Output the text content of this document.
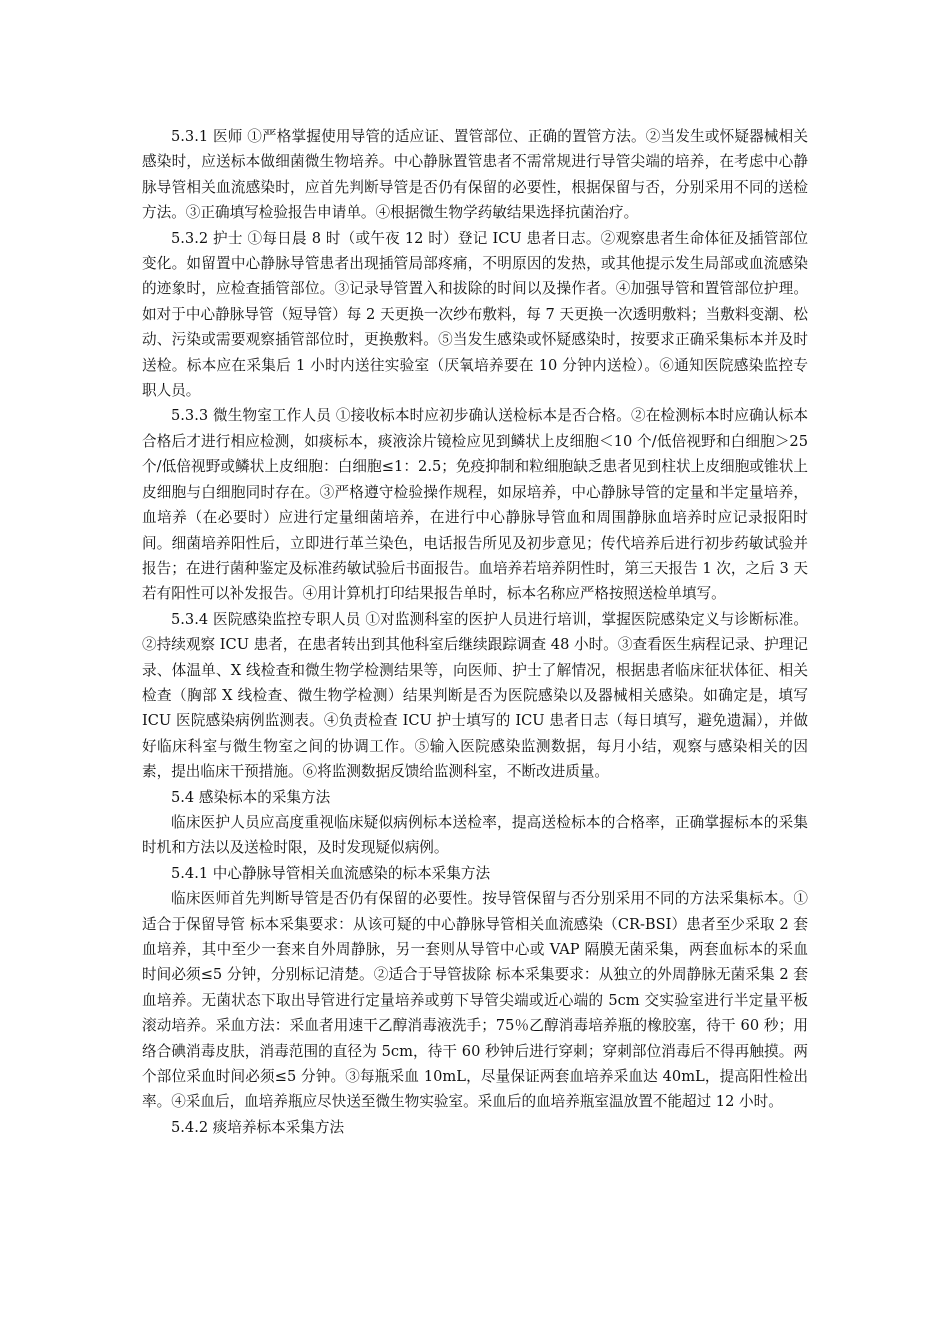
5.3.1 医师 ①严格掌握使用导管的适应证、置管部位、正确的置管方法。②当发生或怀疑器械相关感染时，应送标本做细菌微生物培养。中心静脉置管患者不需常规进行导管尖端的培养，在考虑中心静脉导管相关血流感染时，应首先判断导管是否仍有保留的必要性，根据保留与否，分别采用不同的送检方法。③正确填写检验报告申请单。④根据微生物学药敏结果选择抗菌治疗。

5.3.2 护士 ①每日晨 8 时（或午夜 12 时）登记 ICU 患者日志。②观察患者生命体征及插管部位变化。如留置中心静脉导管患者出现插管局部疼痛，不明原因的发热，或其他提示发生局部或血流感染的迹象时，应检查插管部位。③记录导管置入和拔除的时间以及操作者。④加强导管和置管部位护理。如对于中心静脉导管（短导管）每 2 天更换一次纱布敷料，每 7 天更换一次透明敷料；当敷料变潮、松动、污染或需要观察插管部位时，更换敷料。⑤当发生感染或怀疑感染时，按要求正确采集标本并及时送检。标本应在采集后 1 小时内送往实验室（厌氧培养要在 10 分钟内送检）。⑥通知医院感染监控专职人员。

5.3.3 微生物室工作人员 ①接收标本时应初步确认送检标本是否合格。②在检测标本时应确认标本合格后才进行相应检测，如痰标本，痰液涂片镜检应见到鳞状上皮细胞＜10 个/低倍视野和白细胞＞25 个/低倍视野或鳞状上皮细胞：白细胞≤1：2.5；免疫抑制和粒细胞缺乏患者见到柱状上皮细胞或锥状上皮细胞与白细胞同时存在。③严格遵守检验操作规程，如尿培养，中心静脉导管的定量和半定量培养，血培养（在必要时）应进行定量细菌培养，在进行中心静脉导管血和周围静脉血培养时应记录报阳时间。细菌培养阳性后，立即进行革兰染色，电话报告所见及初步意见；传代培养后进行初步药敏试验并报告；在进行菌种鉴定及标准药敏试验后书面报告。血培养若培养阴性时，第三天报告 1 次，之后 3 天若有阳性可以补发报告。④用计算机打印结果报告单时，标本名称应严格按照送检单填写。

5.3.4 医院感染监控专职人员 ①对监测科室的医护人员进行培训，掌握医院感染定义与诊断标准。②持续观察 ICU 患者，在患者转出到其他科室后继续跟踪调查 48 小时。③查看医生病程记录、护理记录、体温单、X 线检查和微生物学检测结果等，向医师、护士了解情况，根据患者临床征状体征、相关检查（胸部 X 线检查、微生物学检测）结果判断是否为医院感染以及器械相关感染。如确定是，填写 ICU 医院感染病例监测表。④负责检查 ICU 护士填写的 ICU 患者日志（每日填写，避免遗漏），并做好临床科室与微生物室之间的协调工作。⑤输入医院感染监测数据，每月小结，观察与感染相关的因素，提出临床干预措施。⑥将监测数据反馈给监测科室，不断改进质量。

5.4 感染标本的采集方法

临床医护人员应高度重视临床疑似病例标本送检率，提高送检标本的合格率，正确掌握标本的采集时机和方法以及送检时限，及时发现疑似病例。

5.4.1 中心静脉导管相关血流感染的标本采集方法

临床医师首先判断导管是否仍有保留的必要性。按导管保留与否分别采用不同的方法采集标本。①适合于保留导管 标本采集要求：从该可疑的中心静脉导管相关血流感染（CR-BSI）患者至少采取 2 套血培养，其中至少一套来自外周静脉，另一套则从导管中心或 VAP 隔膜无菌采集，两套血标本的采血时间必须≤5 分钟，分别标记清楚。②适合于导管拔除 标本采集要求：从独立的外周静脉无菌采集 2 套血培养。无菌状态下取出导管进行定量培养或剪下导管尖端或近心端的 5cm 交实验室进行半定量平板滚动培养。采血方法：采血者用速干乙醇消毒液洗手；75％乙醇消毒培养瓶的橡胶塞，待干 60 秒；用络合碘消毒皮肤，消毒范围的直径为 5cm，待干 60 秒钟后进行穿刺；穿刺部位消毒后不得再触摸。两个部位采血时间必须≤5 分钟。③每瓶采血 10mL，尽量保证两套血培养采血达 40mL，提高阳性检出率。④采血后，血培养瓶应尽快送至微生物实验室。采血后的血培养瓶室温放置不能超过 12 小时。

5.4.2 痰培养标本采集方法
